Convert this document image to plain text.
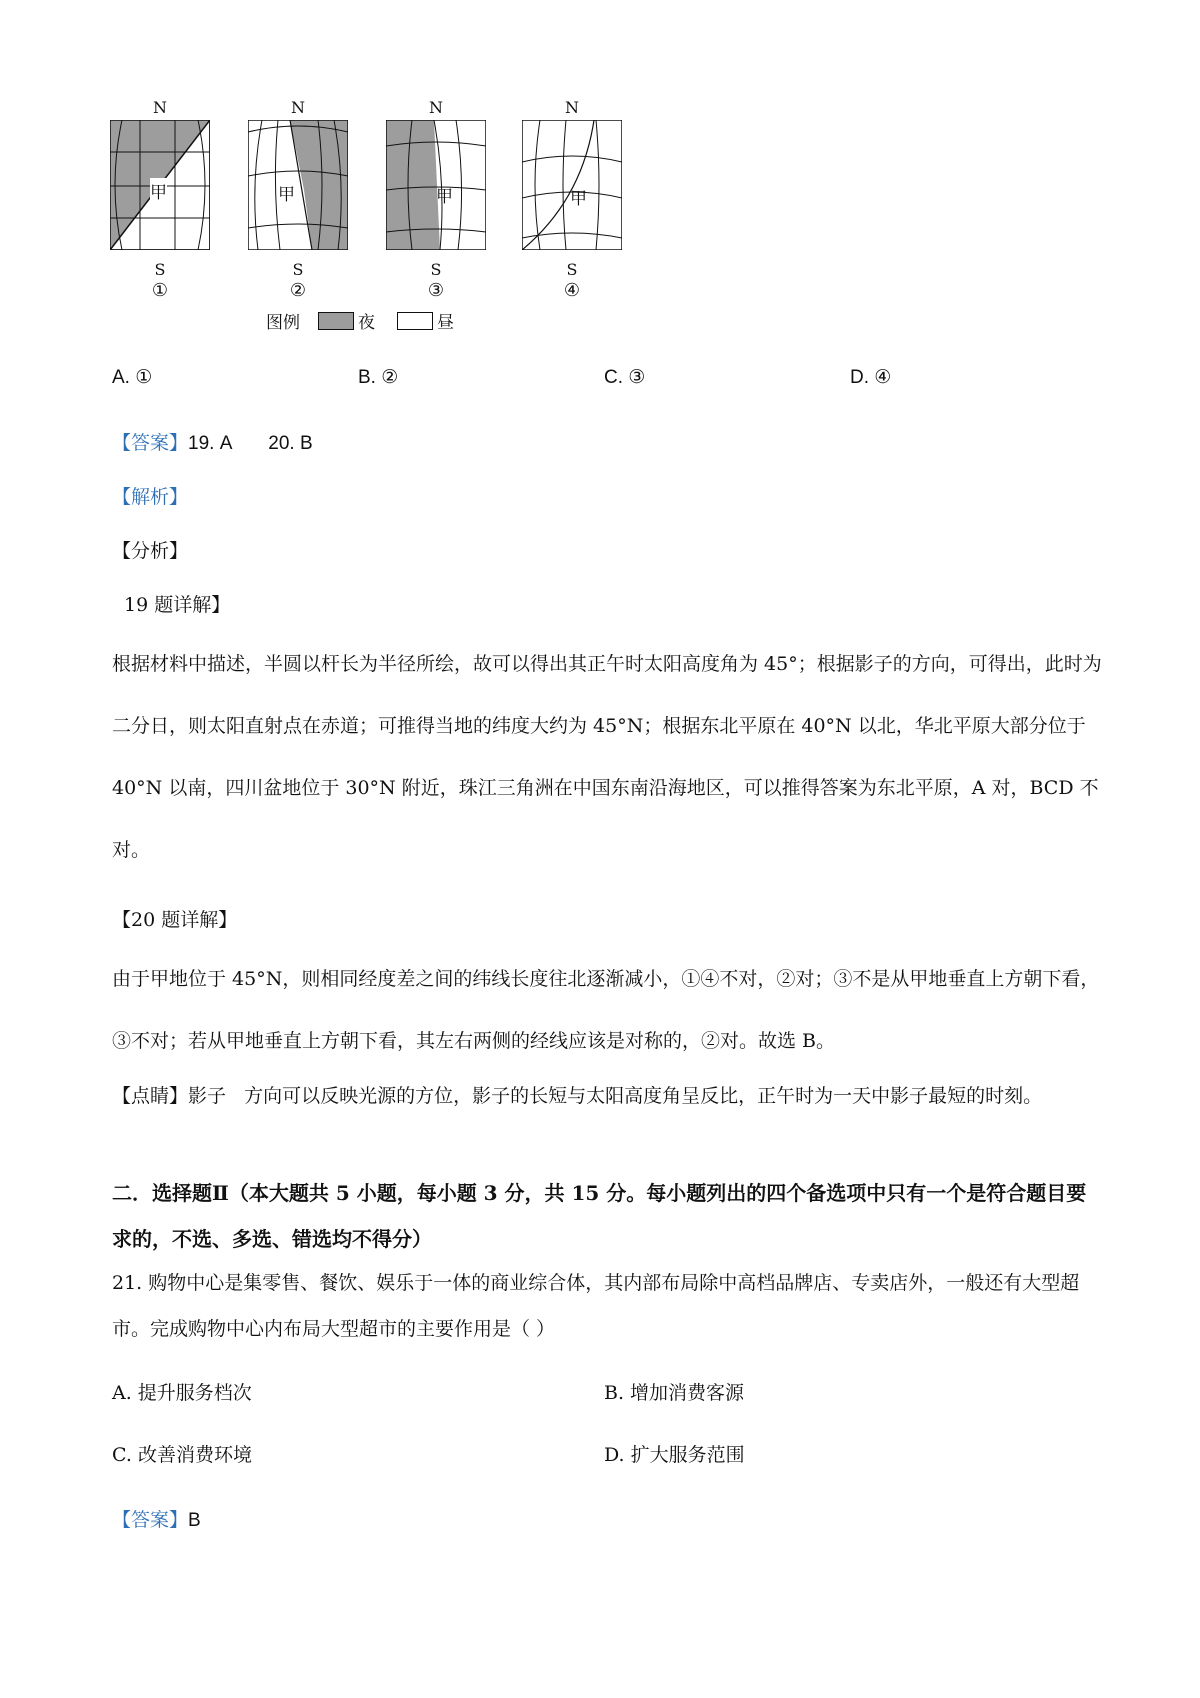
N
甲
S
①
N
甲
S
②
N
甲
S
③
N
甲
S
④
图例	夜	昼
A. ①	B. ②	C. ③	D. ④
【答案】19. A       20. B
【解析】
【分析】
19 题详解】
根据材料中描述，半圆以杆长为半径所绘，故可以得出其正午时太阳高度角为 45°；根据影子的方向，可得出，此时为二分日，则太阳直射点在赤道；可推得当地的纬度大约为 45°N；根据东北平原在 40°N 以北，华北平原大部分位于 40°N 以南，四川盆地位于 30°N 附近，珠江三角洲在中国东南沿海地区，可以推得答案为东北平原，A 对，BCD 不对。
【20 题详解】
由于甲地位于 45°N，则相同经度差之间的纬线长度往北逐渐减小，①④不对，②对；③不是从甲地垂直上方朝下看，③不对；若从甲地垂直上方朝下看，其左右两侧的经线应该是对称的，②对。故选 B。
【点睛】影子   方向可以反映光源的方位，影子的长短与太阳高度角呈反比，正午时为一天中影子最短的时刻。
二．选择题Ⅱ（本大题共 5 小题，每小题 3 分，共 15 分。每小题列出的四个备选项中只有一个是符合题目要求的，不选、多选、错选均不得分）
21. 购物中心是集零售、餐饮、娱乐于一体的商业综合体，其内部布局除中高档品牌店、专卖店外，一般还有大型超市。完成购物中心内布局大型超市的主要作用是（ ）
A. 提升服务档次	B. 增加消费客源
C. 改善消费环境	D. 扩大服务范围
【答案】B
